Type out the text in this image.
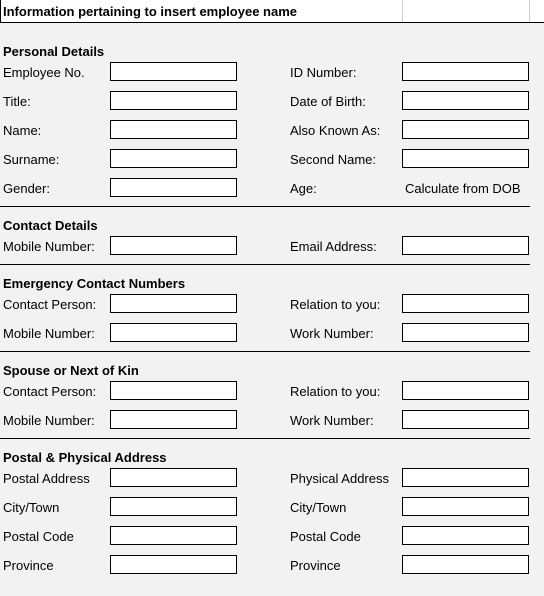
Information pertaining to insert employee name
Personal Details
Employee No.	ID Number:
Title:	Date of Birth:
Name:	Also Known As:
Surname:	Second Name:
Gender:	Age:	Calculate from DOB
Contact Details
Mobile Number:	Email Address:
Emergency Contact Numbers
Contact Person:	Relation to you:
Mobile Number:	Work Number:
Spouse or Next of Kin
Contact Person:	Relation to you:
Mobile Number:	Work Number:
Postal & Physical Address
Postal Address	Physical Address
City/Town	City/Town
Postal Code	Postal Code
Province	Province
